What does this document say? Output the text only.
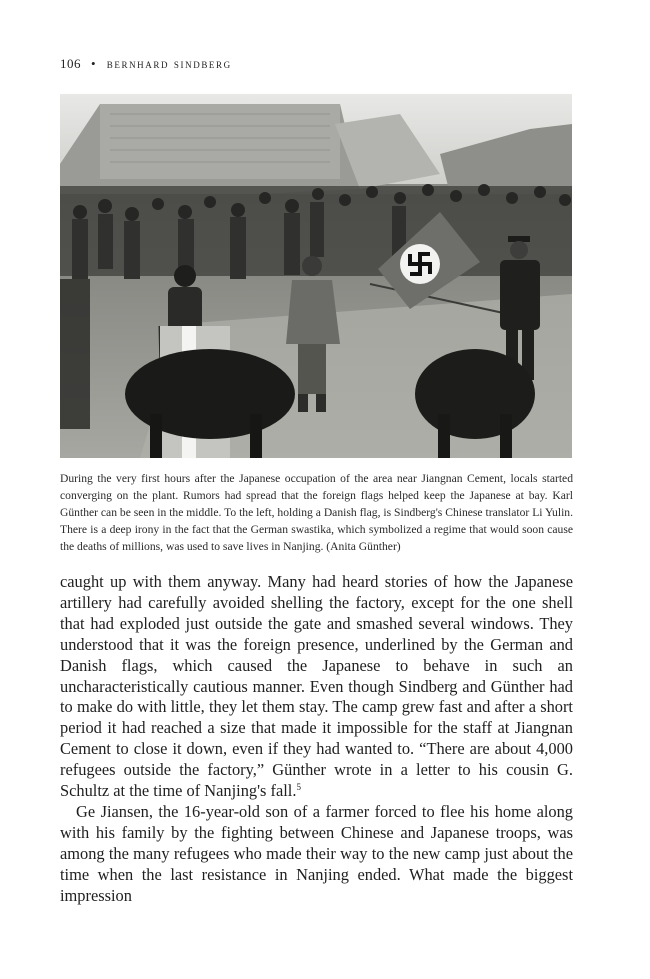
106 • bernhard sindberg
During the very first hours after the Japanese occupation of the area near Jiangnan Cement, locals started converging on the plant. Rumors had spread that the foreign flags helped keep the Japanese at bay. Karl Günther can be seen in the middle. To the left, holding a Danish flag, is Sindberg's Chinese translator Li Yulin. There is a deep irony in the fact that the German swastika, which symbolized a regime that would soon cause the deaths of millions, was used to save lives in Nanjing. (Anita Günther)

caught up with them anyway. Many had heard stories of how the Japanese artillery had carefully avoided shelling the factory, except for the one shell that had exploded just outside the gate and smashed several windows. They understood that it was the foreign presence, underlined by the German and Danish flags, which caused the Japanese to behave in such an uncharacteristically cautious manner. Even though Sindberg and Günther had to make do with little, they let them stay. The camp grew fast and after a short period it had reached a size that made it impossible for the staff at Jiangnan Cement to close it down, even if they had wanted to. “There are about 4,000 refugees outside the factory,” Günther wrote in a letter to his cousin G. Schultz at the time of Nanjing's fall.$^5$

Ge Jiansen, the 16-year-old son of a farmer forced to flee his home along with his family by the fighting between Chinese and Japanese troops, was among the many refugees who made their way to the new camp just about the time when the last resistance in Nanjing ended. What made the biggest impression
